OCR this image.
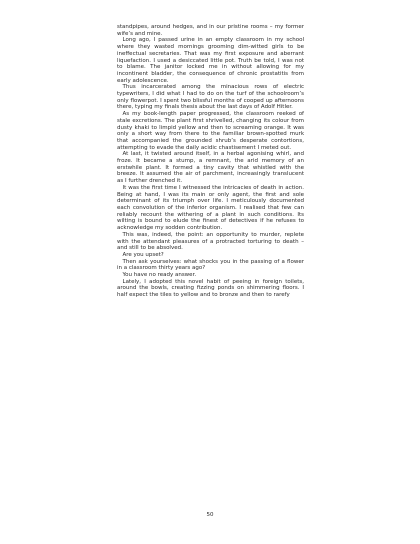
standpipes, around hedges, and in our pristine rooms – my former wife’s and mine.

Long ago, I passed urine in an empty classroom in my school where they wasted mornings grooming dim-witted girls to be ineffectual secretaries. That was my first exposure and aberrant liquefaction. I used a desiccated little pot. Truth be told, I was not to blame. The janitor locked me in without allowing for my incontinent bladder, the consequence of chronic prostatitis from early adolescence.

Thus incarcerated among the minacious rows of electric typewriters, I did what I had to do on the turf of the schoolroom’s only flowerpot. I spent two blissful months of cooped up afternoons there, typing my finals thesis about the last days of Adolf Hitler.

As my book-length paper progressed, the classroom reeked of stale excretions. The plant first shrivelled, changing its colour from dusty khaki to limpid yellow and then to screaming orange. It was only a short way from there to the familiar brown-spotted murk that accompanied the grounded shrub’s desperate contortions, attempting to evade the daily acidic chastisement I meted out.

At last, it twisted around itself, in a herbal agonising whirl, and froze. It became a stump, a remnant, the arid memory of an erstwhile plant. It formed a tiny cavity that whistled with the breeze. It assumed the air of parchment, increasingly translucent as I further drenched it.

It was the first time I witnessed the intricacies of death in action. Being at hand, I was its main or only agent, the first and sole determinant of its triumph over life. I meticulously documented each convolution of the inferior organism. I realised that few can reliably recount the withering of a plant in such conditions. Its wilting is bound to elude the finest of detectives if he refuses to acknowledge my sodden contribution.

This was, indeed, the point: an opportunity to murder, replete with the attendant pleasures of a protracted torturing to death – and still to be absolved.

Are you upset?

Then ask yourselves: what shocks you in the passing of a flower in a classroom thirty years ago?

You have no ready answer.

Lately, I adopted this novel habit of peeing in foreign toilets, around the bowls, creating fizzing ponds on shimmering floors. I half expect the tiles to yellow and to bronze and then to rarefy

50
